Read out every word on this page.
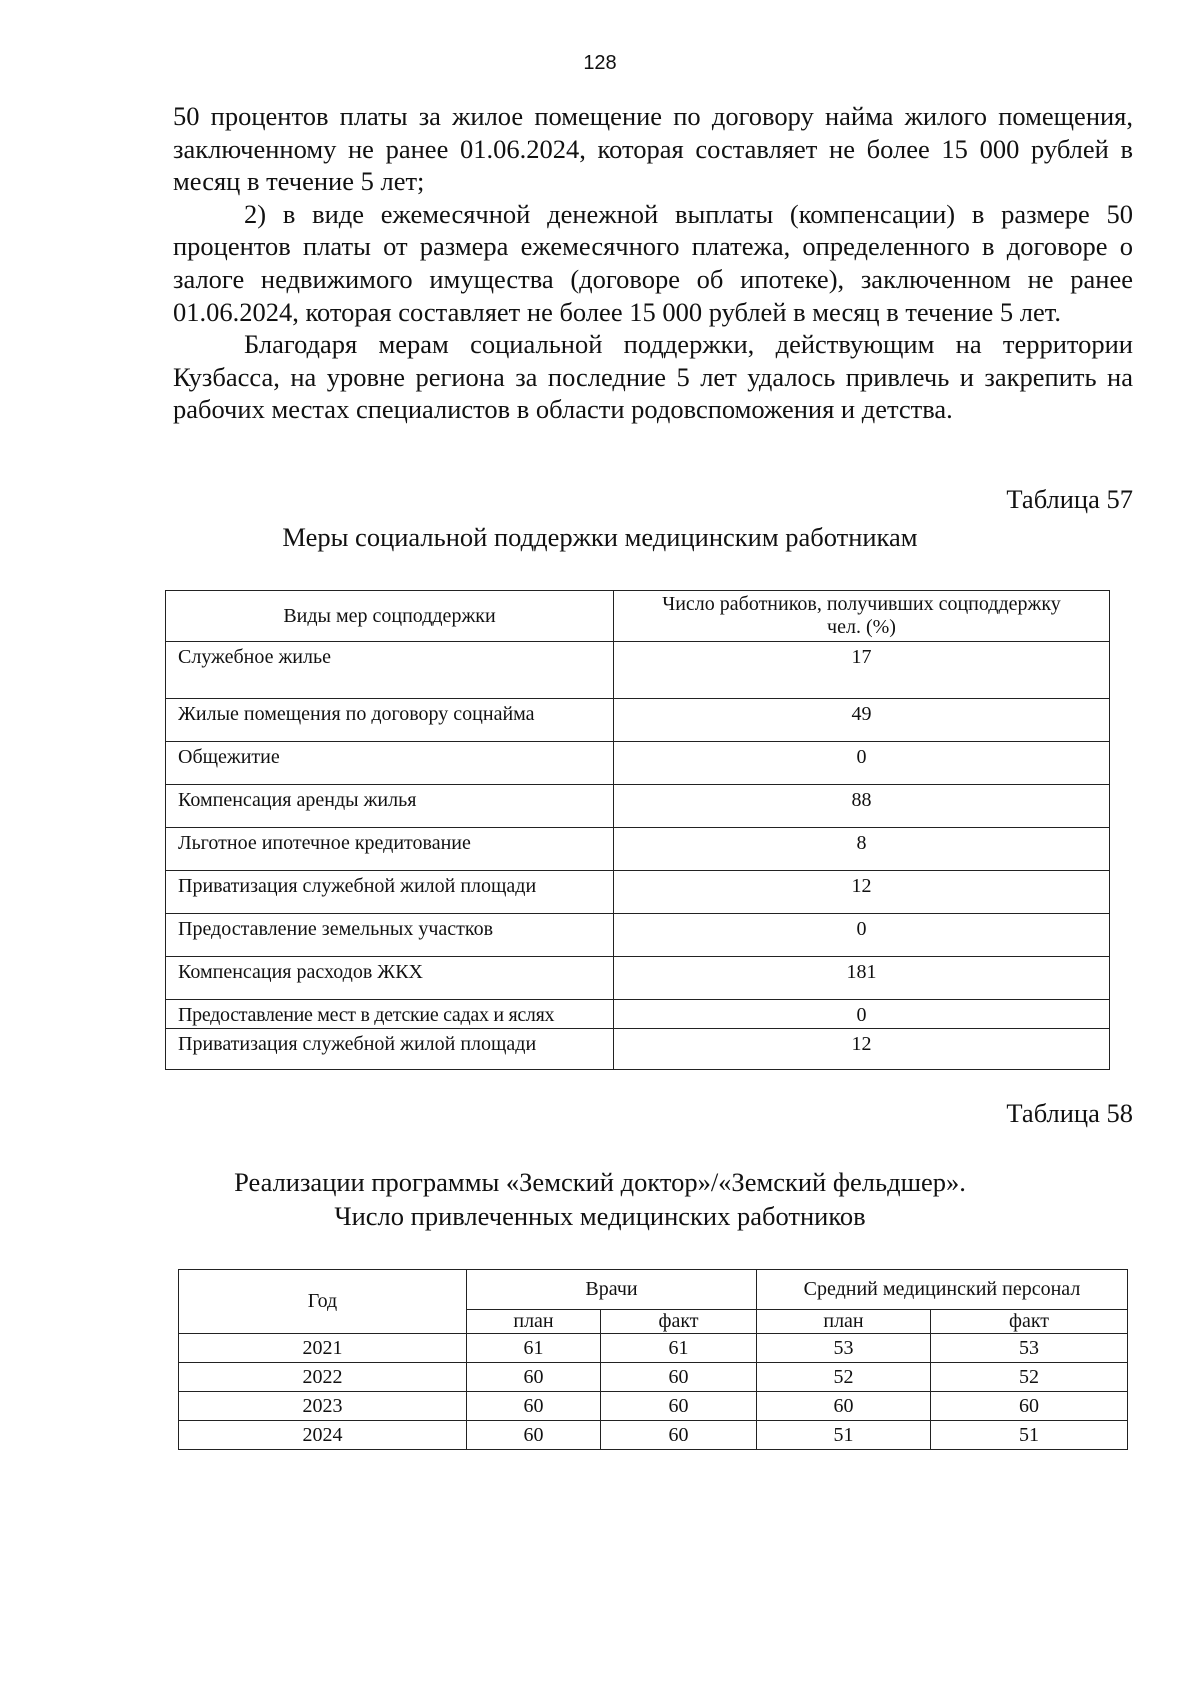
128

50 процентов платы за жилое помещение по договору найма жилого помещения, заключенному не ранее 01.06.2024, которая составляет не более 15 000 рублей в месяц в течение 5 лет;

2) в виде ежемесячной денежной выплаты (компенсации) в размере 50 процентов платы от размера ежемесячного платежа, определенного в договоре о залоге недвижимого имущества (договоре об ипотеке), заключенном не ранее 01.06.2024, которая составляет не более 15 000 рублей в месяц в течение 5 лет.

Благодаря мерам социальной поддержки, действующим на территории Кузбасса, на уровне региона за последние 5 лет удалось привлечь и закрепить на рабочих местах специалистов в области родовспоможения и детства.

Таблица 57
Меры социальной поддержки медицинским работникам
Виды мер соцподдержки	Число работников, получивших соцподдержку
чел. (%)
Служебное жилье	17
Жилые помещения по договору соцнайма	49
Общежитие	0
Компенсация аренды жилья	88
Льготное ипотечное кредитование	8
Приватизация служебной жилой площади	12
Предоставление земельных участков	0
Компенсация расходов ЖКХ	181
Предоставление мест в детские садах и яслях	0
Приватизация служебной жилой площади	12
Таблица 58
Реализации программы «Земский доктор»/«Земский фельдшер».
Число привлеченных медицинских работников
Год	Врачи		Средний медицинский персонал	
	план	факт	план	факт
2021	61	61	53	53
2022	60	60	52	52
2023	60	60	60	60
2024	60	60	51	51
